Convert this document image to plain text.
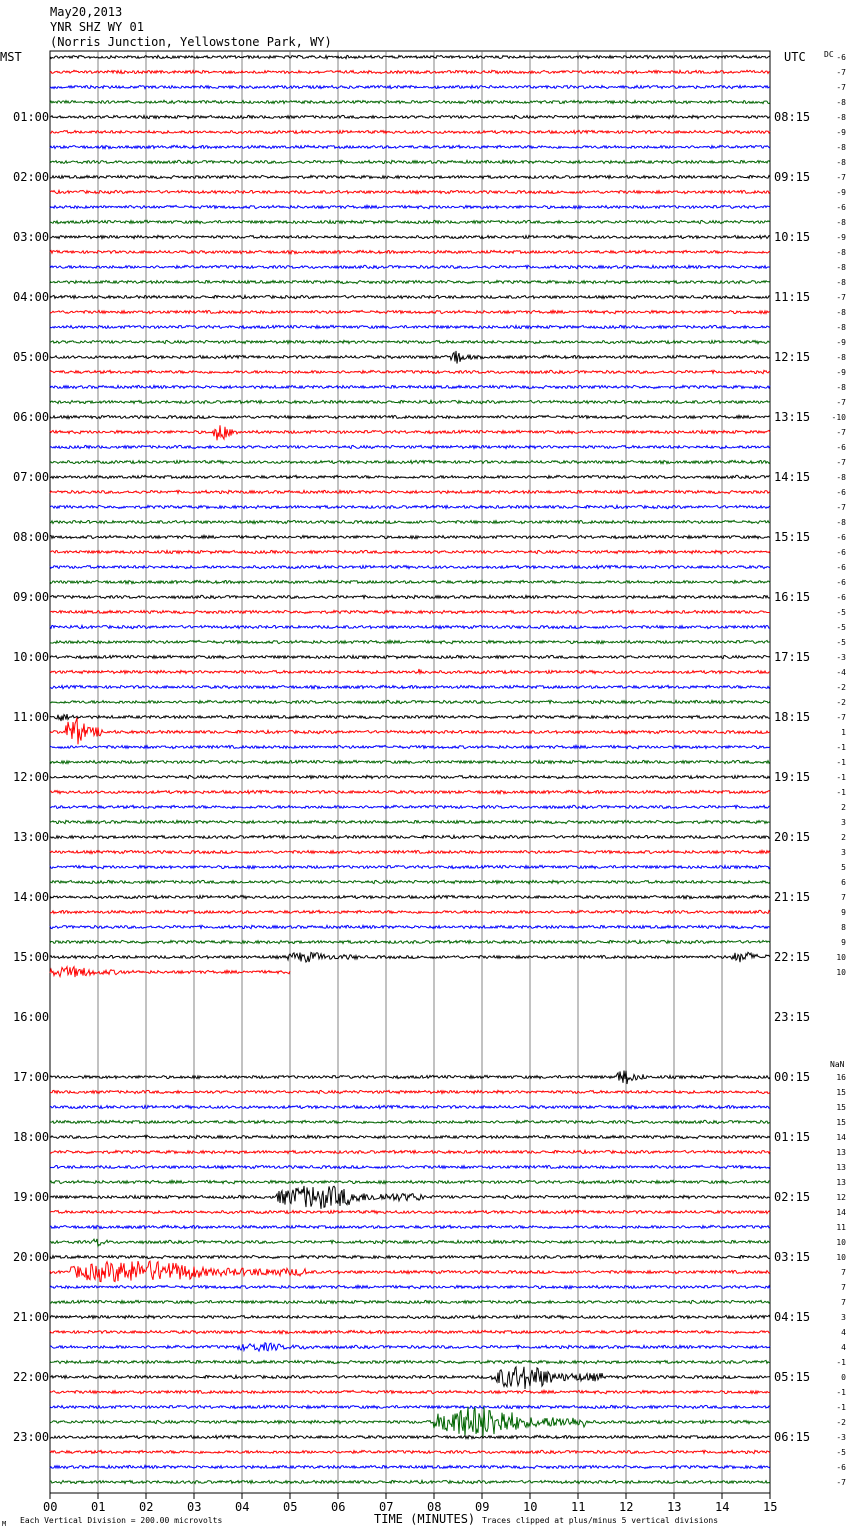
May20,2013
YNR SHZ WY 01
(Norris Junction, Yellowstone Park, WY)
MST	UTC DC
NaN
01:00
02:00
03:00
04:00
05:00
06:00
07:00
08:00
09:00
10:00
11:00
12:00
13:00
14:00
15:00
16:00
17:00
18:00
19:00
20:00
21:00
22:00
23:00
08:15
09:15
10:15
11:15
12:15
13:15
14:15
15:15
16:15
17:15
18:15
19:15
20:15
21:15
22:15
23:15
00:15
01:15
02:15
03:15
04:15
05:15
06:15
-6
-7
-7
-8
-8
-9
-8
-8
-7
-9
-6
-8
-9
-8
-8
-8
-7
-8
-8
-9
-8
-9
-8
-7
-10
-7
-6
-7
-8
-6
-7
-8
-6
-6
-6
-6
-6
-5
-5
-5
-3
-4
-2
-2
-7
1
-1
-1
-1
-1
2
3
2
3
5
6
7
9
8
9
10
10
16
15
15
15
14
13
13
13
12
14
11
10
10
7
7
7
3
4
4
-1
0
-1
-1
-2
-3
-5
-6
-7
00	01	02	03	04	05	06	07	08	09	10	11	12	13	14	15
M Each Vertical Division = 200.00 microvolts	TIME (MINUTES) Traces clipped at plus/minus 5 vertical divisions
